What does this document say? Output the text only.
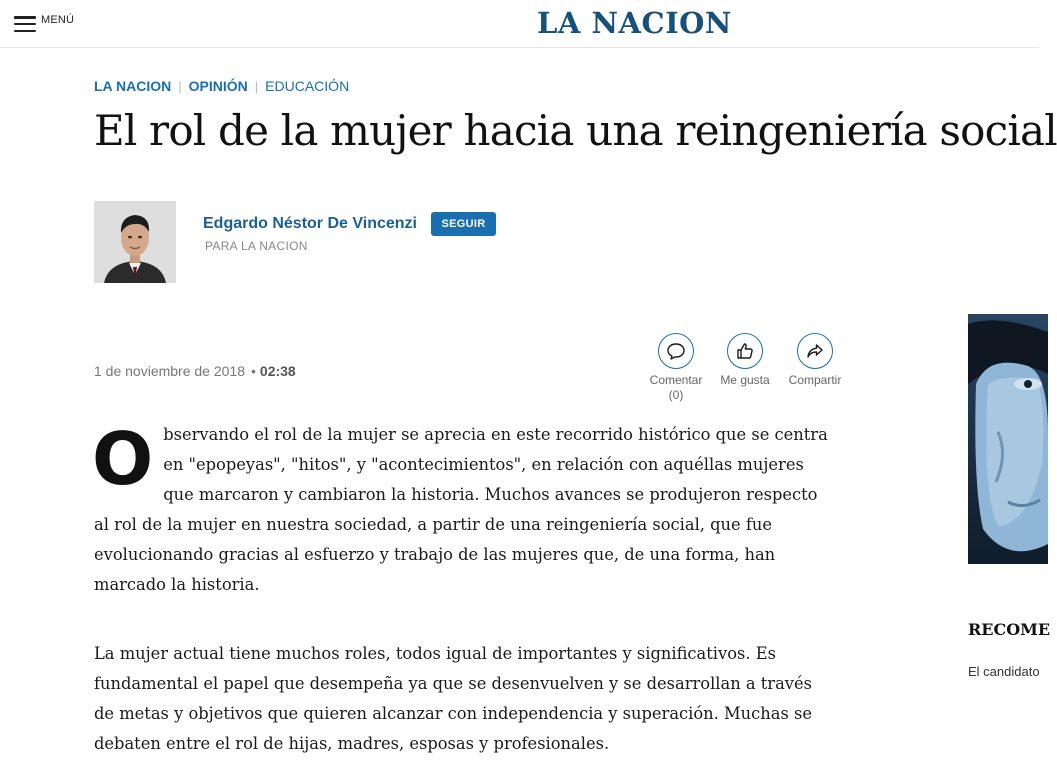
MENÚ	LA NACION
LA NACION | OPINIÓN | EDUCACIÓN
El rol de la mujer hacia una reingeniería social
Edgardo Néstor De Vincenzi	SEGUIR
PARA LA NACION
1 de noviembre de 2018 • 02:38
Comentar
(0)
Me gusta Compartir
Observando el rol de la mujer se aprecia en este recorrido histórico que se centra en "epopeyas", "hitos", y "acontecimientos", en relación con aquéllas mujeres que marcaron y cambiaron la historia. Muchos avances se produjeron respecto al rol de la mujer en nuestra sociedad, a partir de una reingeniería social, que fue evolucionando gracias al esfuerzo y trabajo de las mujeres que, de una forma, han marcado la historia.
La mujer actual tiene muchos roles, todos igual de importantes y significativos. Es fundamental el papel que desempeña ya que se desenvuelven y se desarrollan a través de metas y objetivos que quieren alcanzar con independencia y superación. Muchas se debaten entre el rol de hijas, madres, esposas y profesionales.
RECOME
El candidato
